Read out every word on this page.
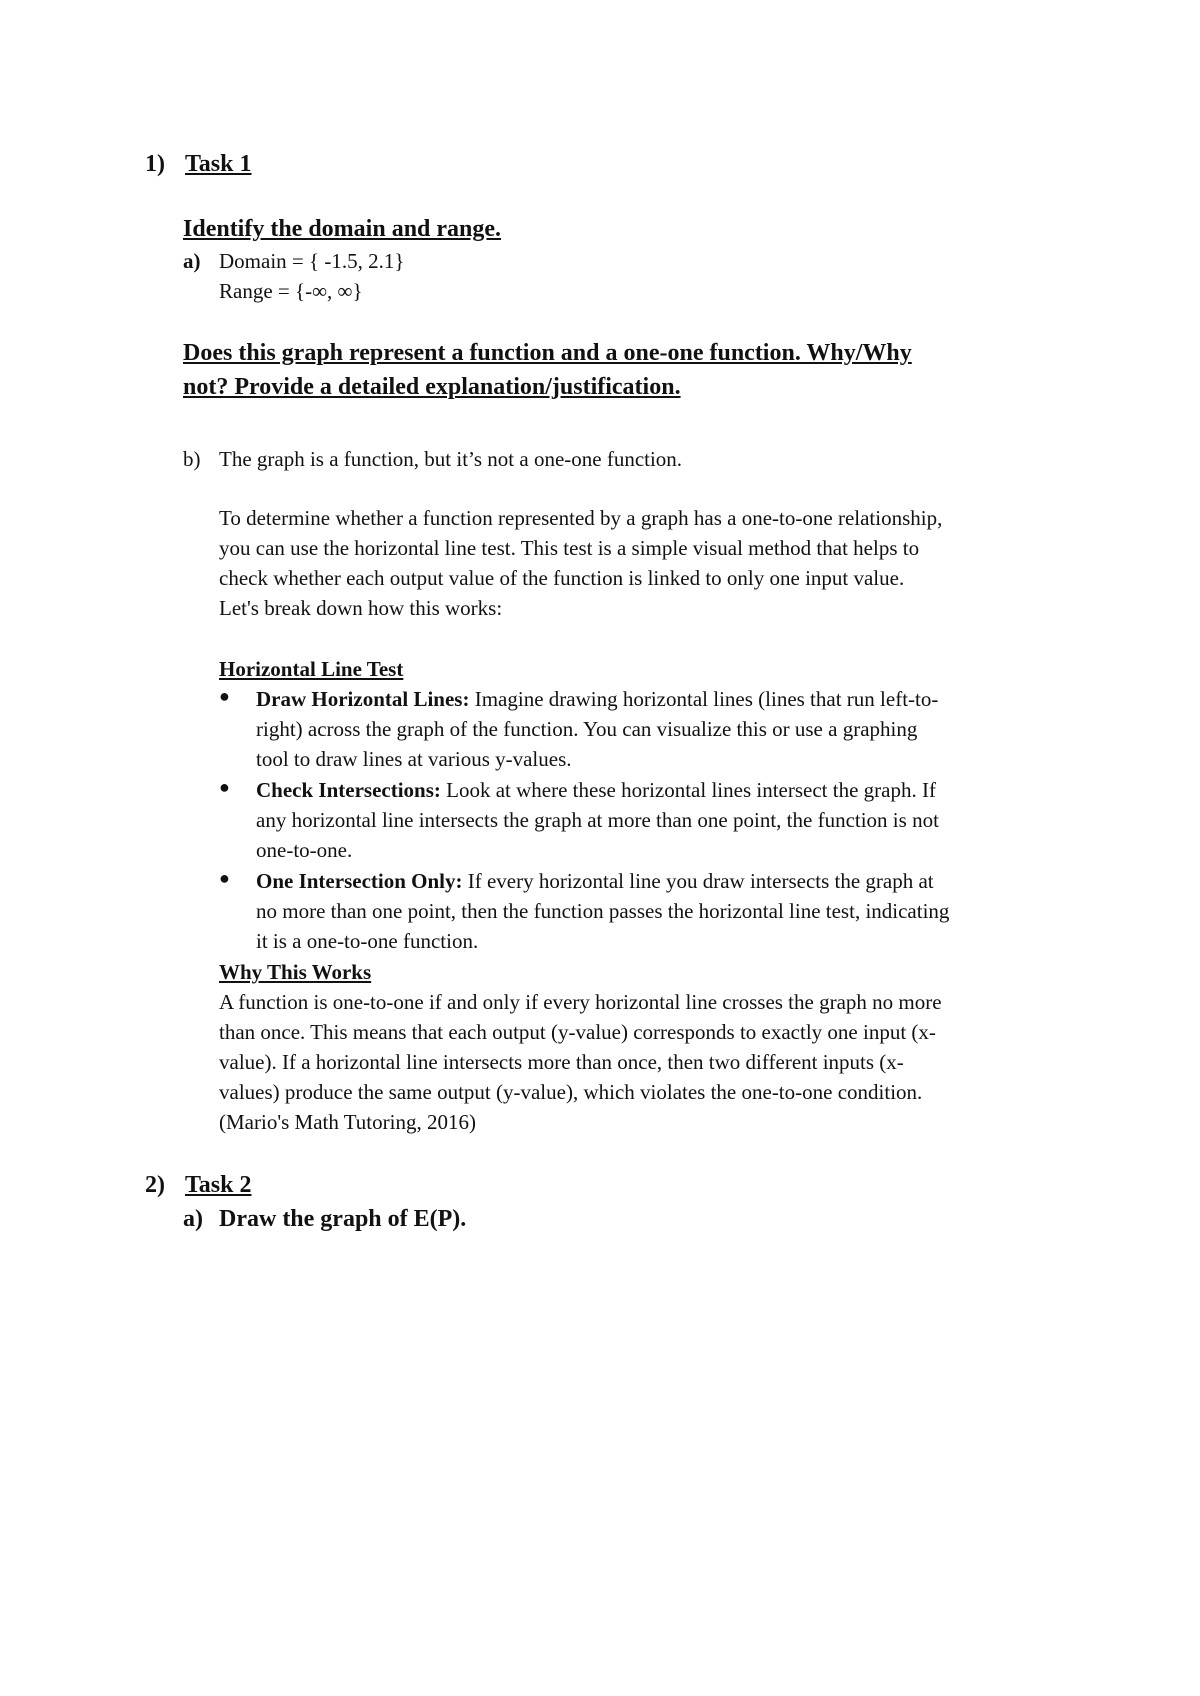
1) Task 1
Identify the domain and range.
a) Domain = { -1.5, 2.1}
Range = {-∞, ∞}
Does this graph represent a function and a one-one function. Why/Why
not? Provide a detailed explanation/justification.
b) The graph is a function, but it’s not a one-one function.
To determine whether a function represented by a graph has a one-to-one relationship,
you can use the horizontal line test. This test is a simple visual method that helps to
check whether each output value of the function is linked to only one input value.
Let's break down how this works:
Horizontal Line Test
● Draw Horizontal Lines: Imagine drawing horizontal lines (lines that run left-to-
right) across the graph of the function. You can visualize this or use a graphing
tool to draw lines at various y-values.
● Check Intersections: Look at where these horizontal lines intersect the graph. If
any horizontal line intersects the graph at more than one point, the function is not
one-to-one.
● One Intersection Only: If every horizontal line you draw intersects the graph at
no more than one point, then the function passes the horizontal line test, indicating
it is a one-to-one function.
Why This Works
A function is one-to-one if and only if every horizontal line crosses the graph no more
than once. This means that each output (y-value) corresponds to exactly one input (x-
value). If a horizontal line intersects more than once, then two different inputs (x-
values) produce the same output (y-value), which violates the one-to-one condition.
(Mario's Math Tutoring, 2016)
2) Task 2
a) Draw the graph of E(P).
